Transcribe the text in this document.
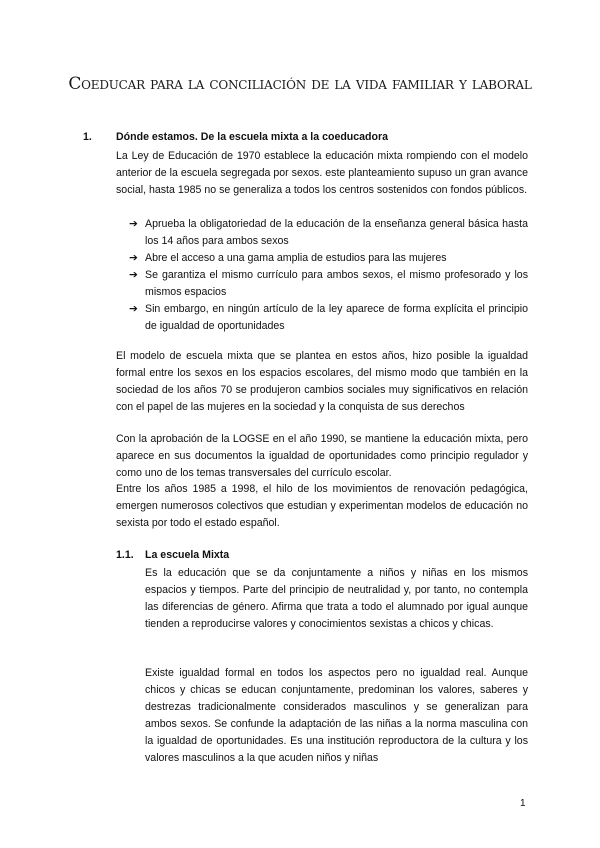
Coeducar para la conciliación de la vida familiar y laboral
1. Dónde estamos. De la escuela mixta a la coeducadora
La Ley de Educación de 1970 establece la educación mixta rompiendo con el modelo anterior de la escuela segregada por sexos. este planteamiento supuso un gran avance social, hasta 1985 no se generaliza a todos los centros sostenidos con fondos públicos.
➔ Aprueba la obligatoriedad de la educación de la enseñanza general básica hasta los 14 años para ambos sexos
➔ Abre el acceso a una gama amplia de estudios para las mujeres
➔ Se garantiza el mismo currículo para ambos sexos, el mismo profesorado y los mismos espacios
➔ Sin embargo, en ningún artículo de la ley aparece de forma explícita el principio de igualdad de oportunidades
El modelo de escuela mixta que se plantea en estos años, hizo posible la igualdad formal entre los sexos en los espacios escolares, del mismo modo que también en la sociedad de los años 70 se produjeron cambios sociales muy significativos en relación con el papel de las mujeres en la sociedad y la conquista de sus derechos
Con la aprobación de la LOGSE en el año 1990, se mantiene la educación mixta, pero aparece en sus documentos la igualdad de oportunidades como principio regulador y como uno de los temas transversales del currículo escolar.
Entre los años 1985 a 1998, el hilo de los movimientos de renovación pedagógica, emergen numerosos colectivos que estudian y experimentan modelos de educación no sexista por todo el estado español.
1.1. La escuela Mixta
Es la educación que se da conjuntamente a niños y niñas en los mismos espacios y tiempos. Parte del principio de neutralidad y, por tanto, no contempla las diferencias de género. Afirma que trata a todo el alumnado por igual aunque tienden a reproducirse valores y conocimientos sexistas a chicos y chicas.
Existe igualdad formal en todos los aspectos pero no igualdad real. Aunque chicos y chicas se educan conjuntamente, predominan los valores, saberes y destrezas tradicionalmente considerados masculinos y se generalizan para ambos sexos. Se confunde la adaptación de las niñas a la norma masculina con la igualdad de oportunidades. Es una institución reproductora de la cultura y los valores masculinos a la que acuden niños y niñas
1
